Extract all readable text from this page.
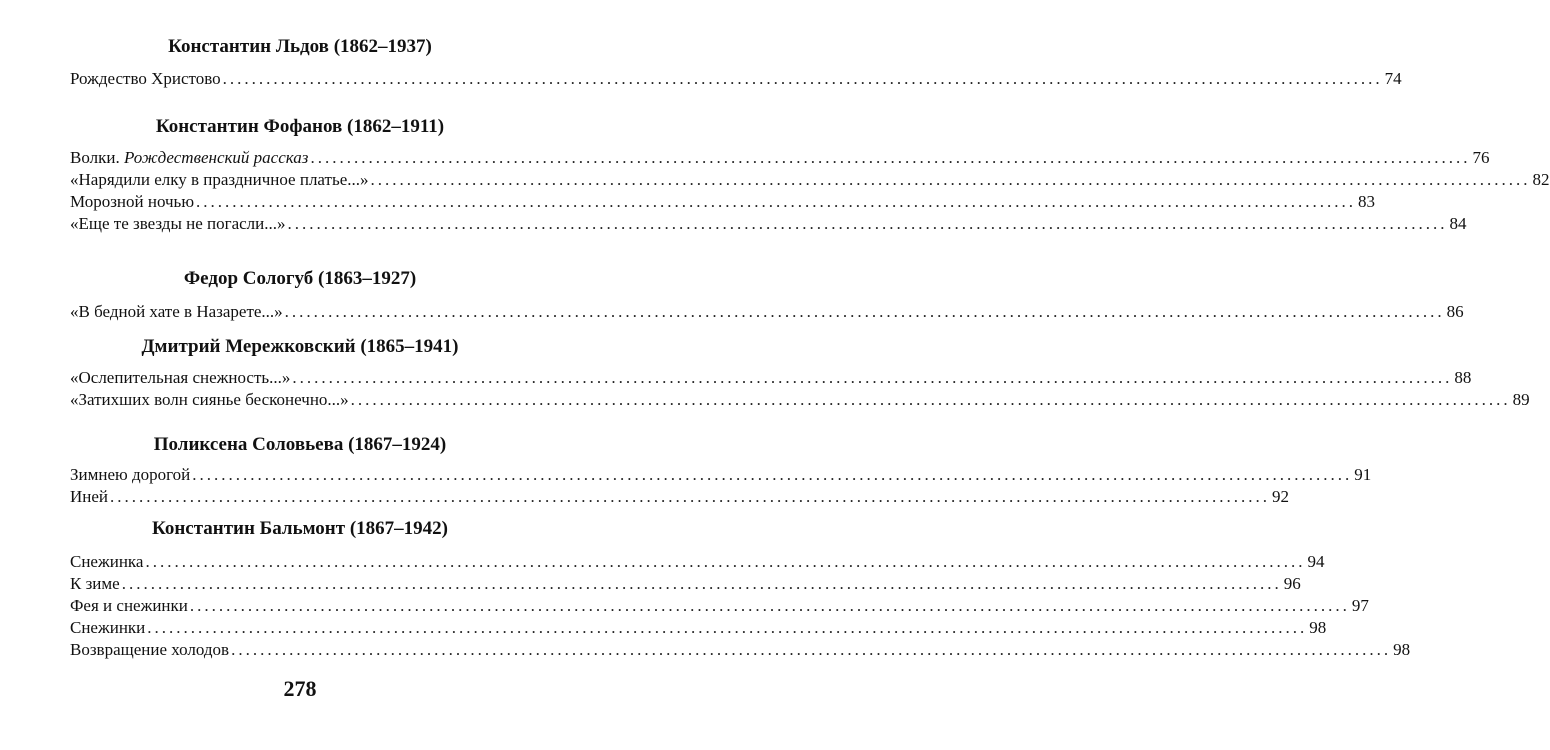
Константин Льдов (1862–1937)
Рождество Христово ................................................................................................................................................................ 74
Константин Фофанов (1862–1911)
Волки. Рождественский рассказ ................................................................................................................................................................ 76
«Нарядили елку в праздничное платье...» ................................................................................................................................................................ 82
Морозной ночью ................................................................................................................................................................ 83
«Еще те звезды не погасли...» ................................................................................................................................................................ 84
Федор Сологуб (1863–1927)
«В бедной хате в Назарете...» ................................................................................................................................................................ 86
Дмитрий Мережковский (1865–1941)
«Ослепительная снежность...» ................................................................................................................................................................ 88
«Затихших волн сиянье бесконечно...» ................................................................................................................................................................ 89
Поликсена Соловьева (1867–1924)
Зимнею дорогой ................................................................................................................................................................ 91
Иней ................................................................................................................................................................ 92
Константин Бальмонт (1867–1942)
Снежинка ................................................................................................................................................................ 94
К зиме ................................................................................................................................................................ 96
Фея и снежинки ................................................................................................................................................................ 97
Снежинки ................................................................................................................................................................ 98
Возвращение холодов ................................................................................................................................................................ 98
278
